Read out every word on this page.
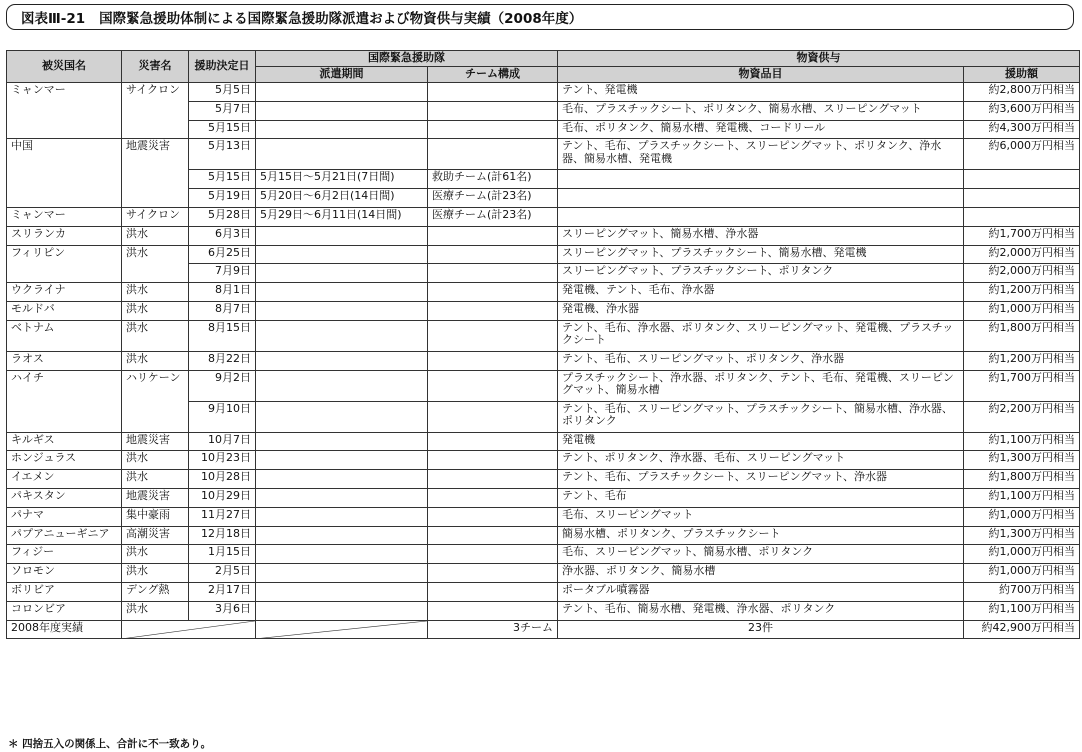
図表Ⅲ-21 国際緊急援助体制による国際緊急援助隊派遣および物資供与実績（2008年度）
被災国名	災害名	援助決定日	国際緊急援助隊		物資供与	
			派遣期間	チーム構成	物資品目	援助額
ミャンマー	サイクロン	5月5日			テント、発電機	約2,800万円相当
		5月7日			毛布、プラスチックシート、ポリタンク、簡易水槽、スリーピングマット	約3,600万円相当
		5月15日			毛布、ポリタンク、簡易水槽、発電機、コードリール	約4,300万円相当
中国	地震災害	5月13日			テント、毛布、プラスチックシート、スリーピングマット、ポリタンク、浄水器、簡易水槽、発電機	約6,000万円相当
		5月15日	5月15日～5月21日(7日間)	救助チーム(計61名)		
		5月19日	5月20日～6月2日(14日間)	医療チーム(計23名)		
ミャンマー	サイクロン	5月28日	5月29日～6月11日(14日間)	医療チーム(計23名)		
スリランカ	洪水	6月3日			スリーピングマット、簡易水槽、浄水器	約1,700万円相当
フィリピン	洪水	6月25日			スリーピングマット、プラスチックシート、簡易水槽、発電機	約2,000万円相当
		7月9日			スリーピングマット、プラスチックシート、ポリタンク	約2,000万円相当
ウクライナ	洪水	8月1日			発電機、テント、毛布、浄水器	約1,200万円相当
モルドバ	洪水	8月7日			発電機、浄水器	約1,000万円相当
ベトナム	洪水	8月15日			テント、毛布、浄水器、ポリタンク、スリーピングマット、発電機、プラスチックシート	約1,800万円相当
ラオス	洪水	8月22日			テント、毛布、スリーピングマット、ポリタンク、浄水器	約1,200万円相当
ハイチ	ハリケーン	9月2日			プラスチックシート、浄水器、ポリタンク、テント、毛布、発電機、スリーピングマット、簡易水槽	約1,700万円相当
		9月10日			テント、毛布、スリーピングマット、プラスチックシート、簡易水槽、浄水器、ポリタンク	約2,200万円相当
キルギス	地震災害	10月7日			発電機	約1,100万円相当
ホンジュラス	洪水	10月23日			テント、ポリタンク、浄水器、毛布、スリーピングマット	約1,300万円相当
イエメン	洪水	10月28日			テント、毛布、プラスチックシート、スリーピングマット、浄水器	約1,800万円相当
パキスタン	地震災害	10月29日			テント、毛布	約1,100万円相当
パナマ	集中豪雨	11月27日			毛布、スリーピングマット	約1,000万円相当
パプアニューギニア	高潮災害	12月18日			簡易水槽、ポリタンク、プラスチックシート	約1,300万円相当
フィジー	洪水	1月15日			毛布、スリーピングマット、簡易水槽、ポリタンク	約1,000万円相当
ソロモン	洪水	2月5日			浄水器、ポリタンク、簡易水槽	約1,000万円相当
ボリビア	デング熱	2月17日			ポータブル噴霧器	約700万円相当
コロンビア	洪水	3月6日			テント、毛布、簡易水槽、発電機、浄水器、ポリタンク	約1,100万円相当
2008年度実績				3チーム	23件	約42,900万円相当
＊ 四捨五入の関係上、合計に不一致あり。
